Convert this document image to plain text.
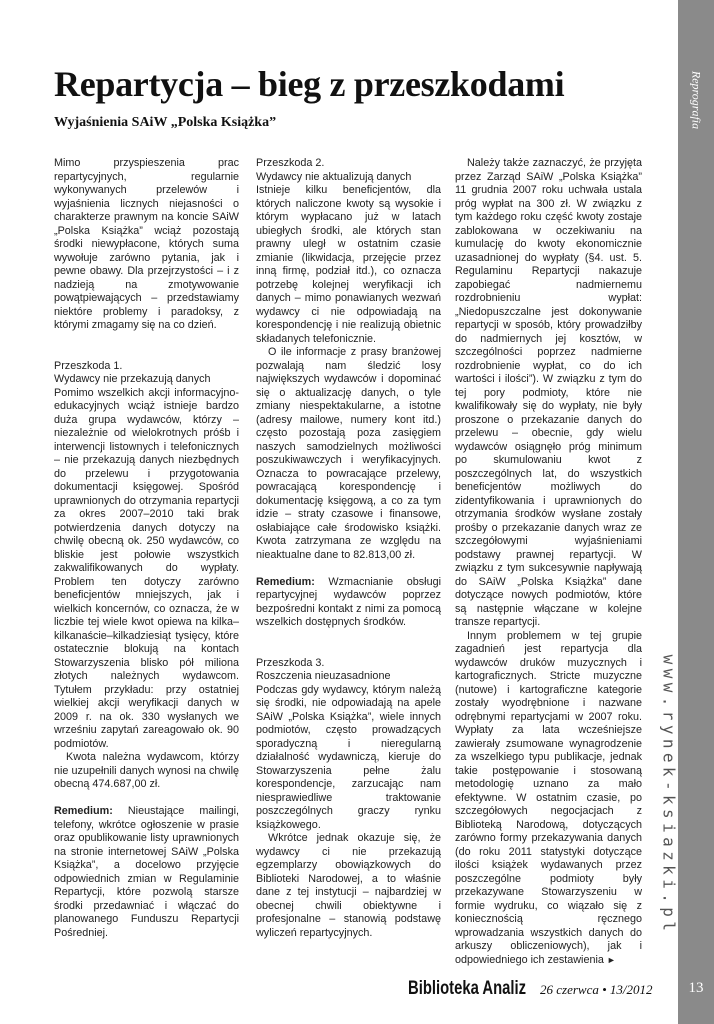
Reprografia
13
www.rynek-ksiazki.pl
Repartycja – bieg z przeszkodami
Wyjaśnienia SAiW „Polska Książka”

Mimo przyspieszenia prac repartycyjnych, regularnie wykonywanych przelewów i wyjaśnienia licznych niejasności o charakterze prawnym na koncie SAiW „Polska Książka” wciąż pozostają środki niewypłacone, których suma wywołuje zarówno pytania, jak i pewne obawy. Dla przejrzystości – i z nadzieją na zmotywowanie powątpiewających – przedstawiamy niektóre problemy i paradoksy, z którymi zmagamy się na co dzień.

Przeszkoda 1.

Wydawcy nie przekazują danych

Pomimo wszelkich akcji informacyjno-edukacyjnych wciąż istnieje bardzo duża grupa wydawców, którzy – niezależnie od wielokrotnych próśb i interwencji listownych i telefonicznych – nie przekazują danych niezbędnych do przelewu i przygotowania dokumentacji księgowej. Spośród uprawnionych do otrzymania repartycji za okres 2007–2010 taki brak potwierdzenia danych dotyczy na chwilę obecną ok. 250 wydawców, co bliskie jest połowie wszystkich zakwalifikowanych do wypłaty. Problem ten dotyczy zarówno beneficjentów mniejszych, jak i wielkich koncernów, co oznacza, że w liczbie tej wiele kwot opiewa na kilka–kilkanaście–kilkadziesiąt tysięcy, które ostatecznie blokują na kontach Stowarzyszenia blisko pół miliona złotych należnych wydawcom. Tytułem przykładu: przy ostatniej wielkiej akcji weryfikacji danych w 2009 r. na ok. 330 wysłanych we wrześniu zapytań zareagowało ok. 90 podmiotów.

Kwota należna wydawcom, którzy nie uzupełnili danych wynosi na chwilę obecną 474.687,00 zł.

Remedium: Nieustające mailingi, telefony, wkrótce ogłoszenie w prasie oraz opublikowanie listy uprawnionych na stronie internetowej SAiW „Polska Książka”, a docelowo przyjęcie odpowiednich zmian w Regulaminie Repartycji, które pozwolą starsze środki przedawniać i włączać do planowanego Funduszu Repartycji Pośredniej.

Przeszkoda 2.

Wydawcy nie aktualizują danych

Istnieje kilku beneficjentów, dla których naliczone kwoty są wysokie i którym wypłacano już w latach ubiegłych środki, ale których stan prawny uległ w ostatnim czasie zmianie (likwidacja, przejęcie przez inną firmę, podział itd.), co oznacza potrzebę kolejnej weryfikacji ich danych – mimo ponawianych wezwań wydawcy ci nie odpowiadają na korespondencję i nie realizują obietnic składanych telefonicznie.

O ile informacje z prasy branżowej pozwalają nam śledzić losy największych wydawców i dopominać się o aktualizację danych, o tyle zmiany niespektakularne, a istotne (adresy mailowe, numery kont itd.) często pozostają poza zasięgiem naszych samodzielnych możliwości poszukiwawczych i weryfikacyjnych. Oznacza to powracające przelewy, powracającą korespondencję i dokumentację księgową, a co za tym idzie – straty czasowe i finansowe, osłabiające całe środowisko książki. Kwota zatrzymana ze względu na nieaktualne dane to 82.813,00 zł.

Remedium: Wzmacnianie obsługi repartycyjnej wydawców poprzez bezpośredni kontakt z nimi za pomocą wszelkich dostępnych środków.

Przeszkoda 3.

Roszczenia nieuzasadnione

Podczas gdy wydawcy, którym należą się środki, nie odpowiadają na apele SAiW „Polska Książka”, wiele innych podmiotów, często prowadzących sporadyczną i nieregularną działalność wydawniczą, kieruje do Stowarzyszenia pełne żalu korespondencje, zarzucając nam niesprawiedliwe traktowanie poszczególnych graczy rynku książkowego.

Wkrótce jednak okazuje się, że wydawcy ci nie przekazują egzemplarzy obowiązkowych do Biblioteki Narodowej, a to właśnie dane z tej instytucji – najbardziej w obecnej chwili obiektywne i profesjonalne – stanowią podstawę wyliczeń repartycyjnych.

Należy także zaznaczyć, że przyjęta przez Zarząd SAiW „Polska Książka” 11 grudnia 2007 roku uchwała ustala próg wypłat na 300 zł. W związku z tym każdego roku część kwoty zostaje zablokowana w oczekiwaniu na kumulację do kwoty ekonomicznie uzasadnionej do wypłaty (§4. ust. 5. Regulaminu Repartycji nakazuje zapobiegać nadmiernemu rozdrobnieniu wypłat: „Niedopuszczalne jest dokonywanie repartycji w sposób, który prowadziłby do nadmiernych jej kosztów, w szczególności poprzez nadmierne rozdrobnienie wypłat, co do ich wartości i ilości”). W związku z tym do tej pory podmioty, które nie kwalifikowały się do wypłaty, nie były proszone o przekazanie danych do przelewu – obecnie, gdy wielu wydawców osiągnęło próg minimum po skumulowaniu kwot z poszczególnych lat, do wszystkich beneficjentów możliwych do zidentyfikowania i uprawnionych do otrzymania środków wysłane zostały prośby o przekazanie danych wraz ze szczegółowymi wyjaśnieniami podstawy prawnej repartycji. W związku z tym sukcesywnie napływają do SAiW „Polska Książka” dane dotyczące nowych podmiotów, które są następnie włączane w kolejne transze repartycji.

Innym problemem w tej grupie zagadnień jest repartycja dla wydawców druków muzycznych i kartograficznych. Stricte muzyczne (nutowe) i kartograficzne kategorie zostały wyodrębnione i nazwane odrębnymi repartycjami w 2007 roku. Wypłaty za lata wcześniejsze zawierały zsumowane wynagrodzenie za wszelkiego typu publikacje, jednak takie postępowanie i stosowaną metodologię uznano za mało efektywne. W ostatnim czasie, po szczegółowych negocjacjach z Biblioteką Narodową, dotyczących zarówno formy przekazywania danych (do roku 2011 statystyki dotyczące ilości książek wydawanych przez poszczególne podmioty były przekazywane Stowarzyszeniu w formie wydruku, co wiązało się z koniecznością ręcznego wprowadzania wszystkich danych do arkuszy obliczeniowych), jak i odpowiedniego ich zestawienia ►

Biblioteka Analiz 26 czerwca • 13/2012
